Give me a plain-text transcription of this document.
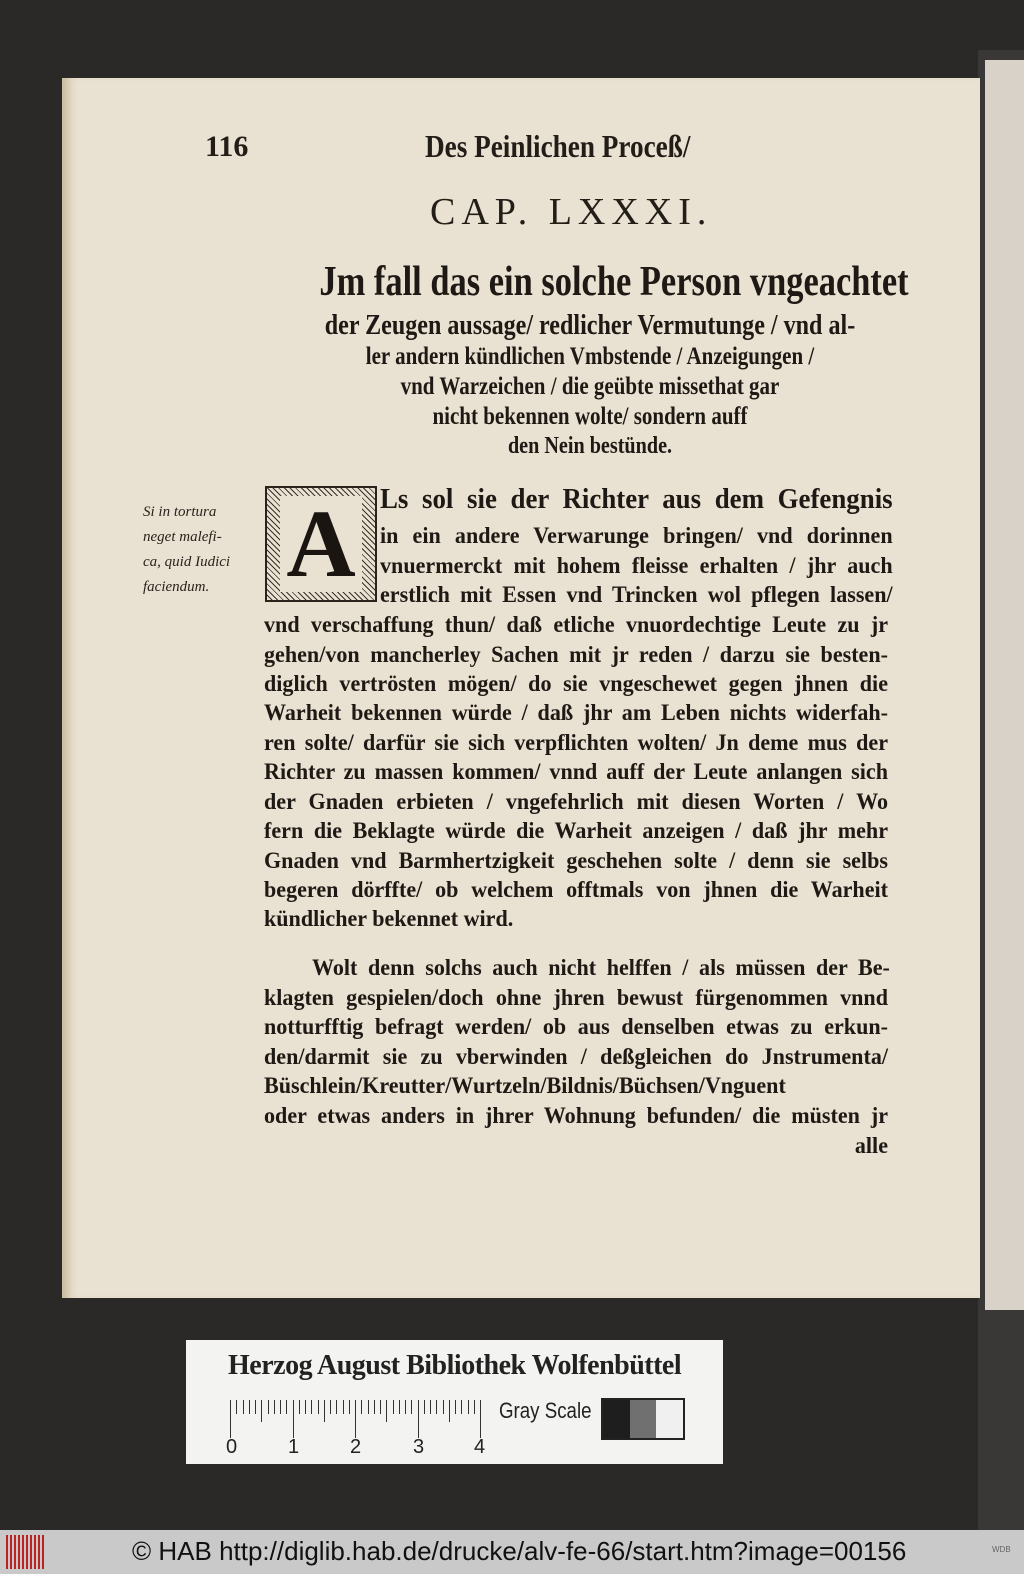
116	Des Peinlichen Proceß/
CAP. LXXXI.
Jm fall das ein solche Person vngeachtet
der Zeugen aussage/ redlicher Vermutunge / vnd al-
ler andern kündlichen Vmbstende / Anzeigungen /
vnd Warzeichen / die geübte missethat gar
nicht bekennen wolte/ sondern auff
den Nein bestünde.
Si in tortura
neget malefi-
ca, quid Iudici
faciendum. A Ls sol sie der Richter aus dem Gefengnis
in ein andere Verwarunge bringen/ vnd dorinnen
vnuermerckt mit hohem fleisse erhalten / jhr auch
erstlich mit Essen vnd Trincken wol pflegen lassen/
vnd verschaffung thun/ daß etliche vnuordechtige Leute zu jr
gehen/von mancherley Sachen mit jr reden / darzu sie besten-
diglich vertrösten mögen/ do sie vngeschewet gegen jhnen die
Warheit bekennen würde / daß jhr am Leben nichts widerfah-
ren solte/ darfür sie sich verpflichten wolten/ Jn deme mus der
Richter zu massen kommen/ vnnd auff der Leute anlangen sich
der Gnaden erbieten / vngefehrlich mit diesen Worten / Wo
fern die Beklagte würde die Warheit anzeigen / daß jhr mehr
Gnaden vnd Barmhertzigkeit geschehen solte / denn sie selbs
begeren dörffte/ ob welchem offtmals von jhnen die Warheit
kündlicher bekennet wird.
Wolt denn solchs auch nicht helffen / als müssen der Be-
klagten gespielen/doch ohne jhren bewust fürgenommen vnnd
notturfftig befragt werden/ ob aus denselben etwas zu erkun-
den/darmit sie zu vberwinden / deßgleichen do Jnstrumenta/
Büschlein/Kreutter/Wurtzeln/Bildnis/Büchsen/Vnguent
oder etwas anders in jhrer Wohnung befunden/ die müsten jr
alle
Herzog August Bibliothek Wolfenbüttel
0	1	2	3 4
Gray Scale
© HAB http://diglib.hab.de/drucke/alv-fe-66/start.htm?image=00156	WDB
